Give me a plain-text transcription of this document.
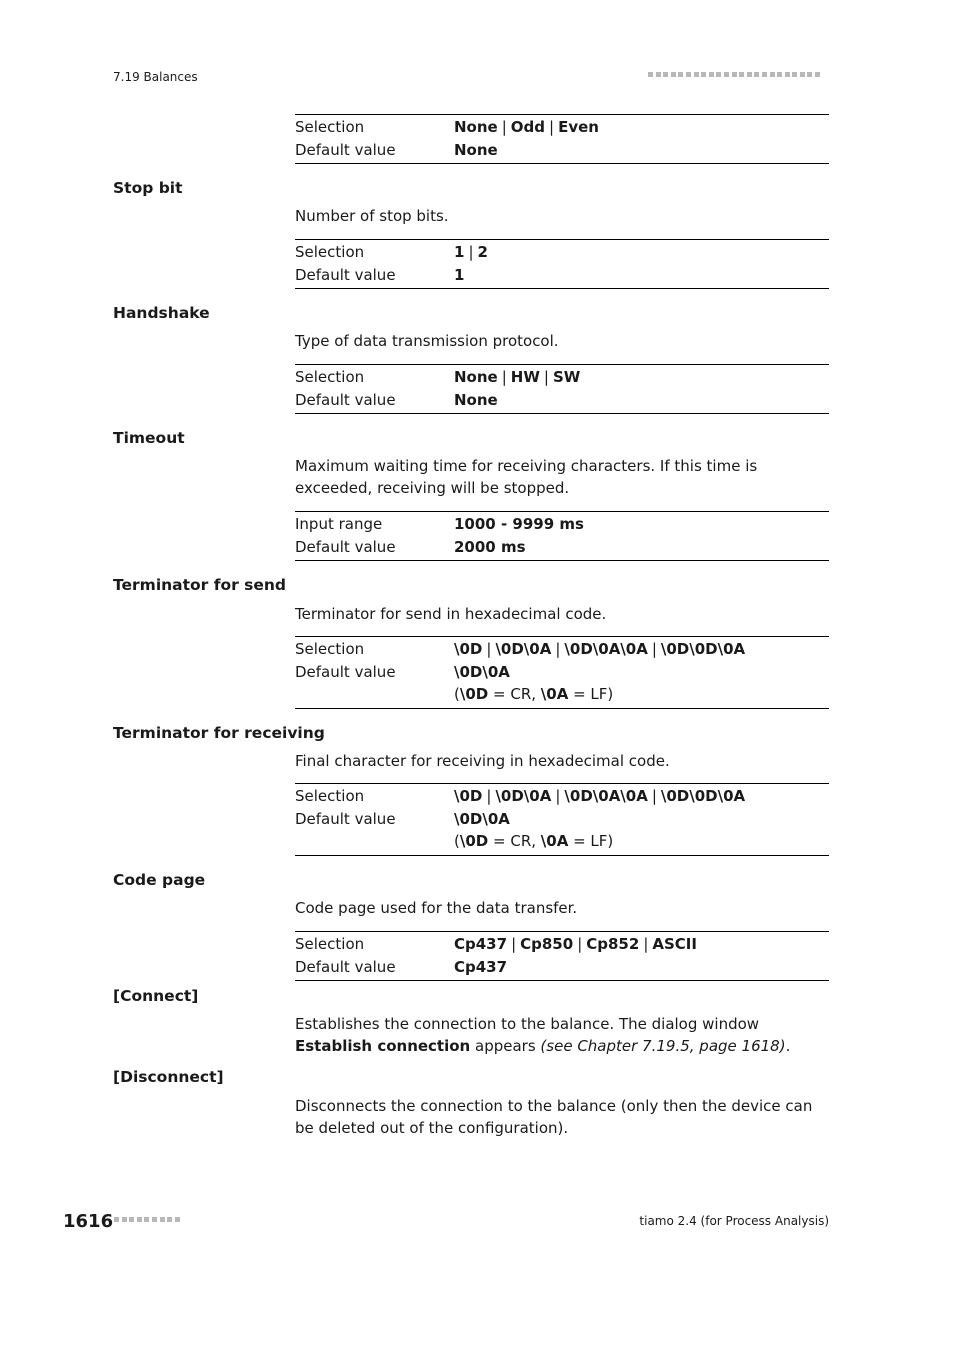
7.19 Balances
Selection	None | Odd | Even
Default value	None
Stop bit
Number of stop bits.
Selection	1 | 2
Default value	1
Handshake
Type of data transmission protocol.
Selection	None | HW | SW
Default value	None
Timeout
Maximum waiting time for receiving characters. If this time is exceeded, receiving will be stopped.
Input range	1000 - 9999 ms
Default value	2000 ms
Terminator for send
Terminator for send in hexadecimal code.
Selection	\0D | \0D\0A | \0D\0A\0A | \0D\0D\0A
Default value	\0D\0A
(\0D = CR, \0A = LF)
Terminator for receiving
Final character for receiving in hexadecimal code.
Selection	\0D | \0D\0A | \0D\0A\0A | \0D\0D\0A
Default value	\0D\0A
(\0D = CR, \0A = LF)
Code page
Code page used for the data transfer.
Selection	Cp437 | Cp850 | Cp852 | ASCII
Default value	Cp437
[Connect]
Establishes the connection to the balance. The dialog window Establish connection appears (see Chapter 7.19.5, page 1618).
[Disconnect]
Disconnects the connection to the balance (only then the device can be deleted out of the configuration).
1616	tiamo 2.4 (for Process Analysis)
